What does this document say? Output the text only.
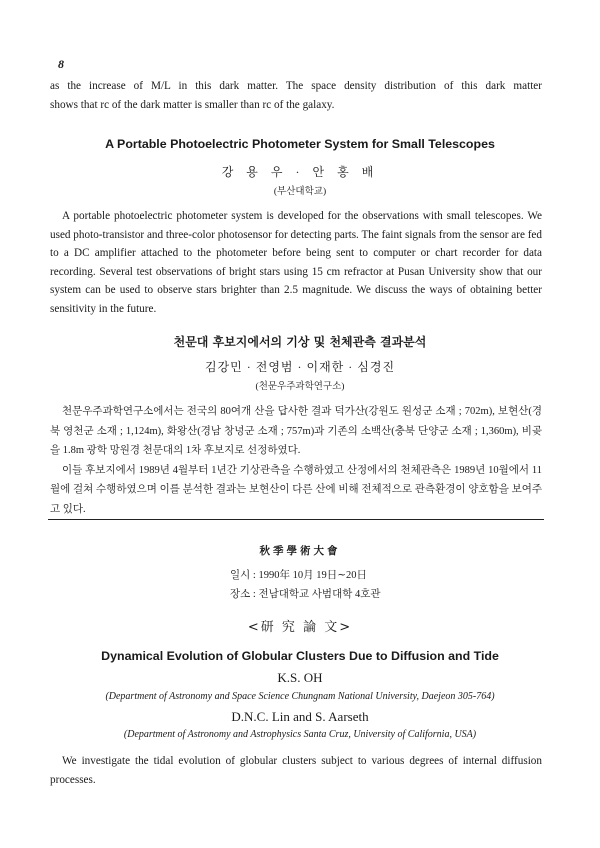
8

as the increase of M/L in this dark matter. The space density distribution of this dark matter

shows that rc of the dark matter is smaller than rc of the galaxy.

A Portable Photoelectric Photometer System for Small Telescopes
강 용 우 · 안 홍 배
(부산대학교)

A portable photoelectric photometer system is developed for the observations with small telescopes. We used photo-transistor and three-color photosensor for detecting parts. The faint signals from the sensor are fed to a DC amplifier attached to the photometer before being sent to computer or chart recorder for data recording. Several test observations of bright stars using 15 cm refractor at Pusan University show that our system can be used to observe stars brighter than 2.5 magnitude. We discuss the ways of obtaining better sensitivity in the future.

천문대 후보지에서의 기상 및 천체관측 결과분석
김강민 · 전영범 · 이재한 · 심경진
(천문우주과학연구소)

천문우주과학연구소에서는 전국의 80여개 산을 답사한 결과 덕가산(강원도 원성군 소재 ; 702m), 보현산(경북 영천군 소재 ; 1,124m), 화왕산(경남 창녕군 소재 ; 757m)과 기존의 소백산(충북 단양군 소재 ; 1,360m), 비곶을 1.8m 광학 망원경 천문대의 1차 후보지로 선정하였다.

이들 후보지에서 1989년 4월부터 1년간 기상관측을 수행하였고 산정에서의 천체관측은 1989년 10월에서 11월에 걸쳐 수행하였으며 이를 분석한 결과는 보현산이 다른 산에 비해 전체적으로 관측환경이 양호함을 보여주고 있다.

秋季學術大會
일시 : 1990年 10月 19日∼20日
장소 : 전남대학교 사범대학 4호관
<研 究 論 文>
Dynamical Evolution of Globular Clusters Due to Diffusion and Tide
K.S. OH
(Department of Astronomy and Space Science Chungnam National University, Daejeon 305-764)
D.N.C. Lin and S. Aarseth
(Department of Astronomy and Astrophysics Santa Cruz, University of California, USA)

We investigate the tidal evolution of globular clusters subject to various degrees of internal diffusion processes.
